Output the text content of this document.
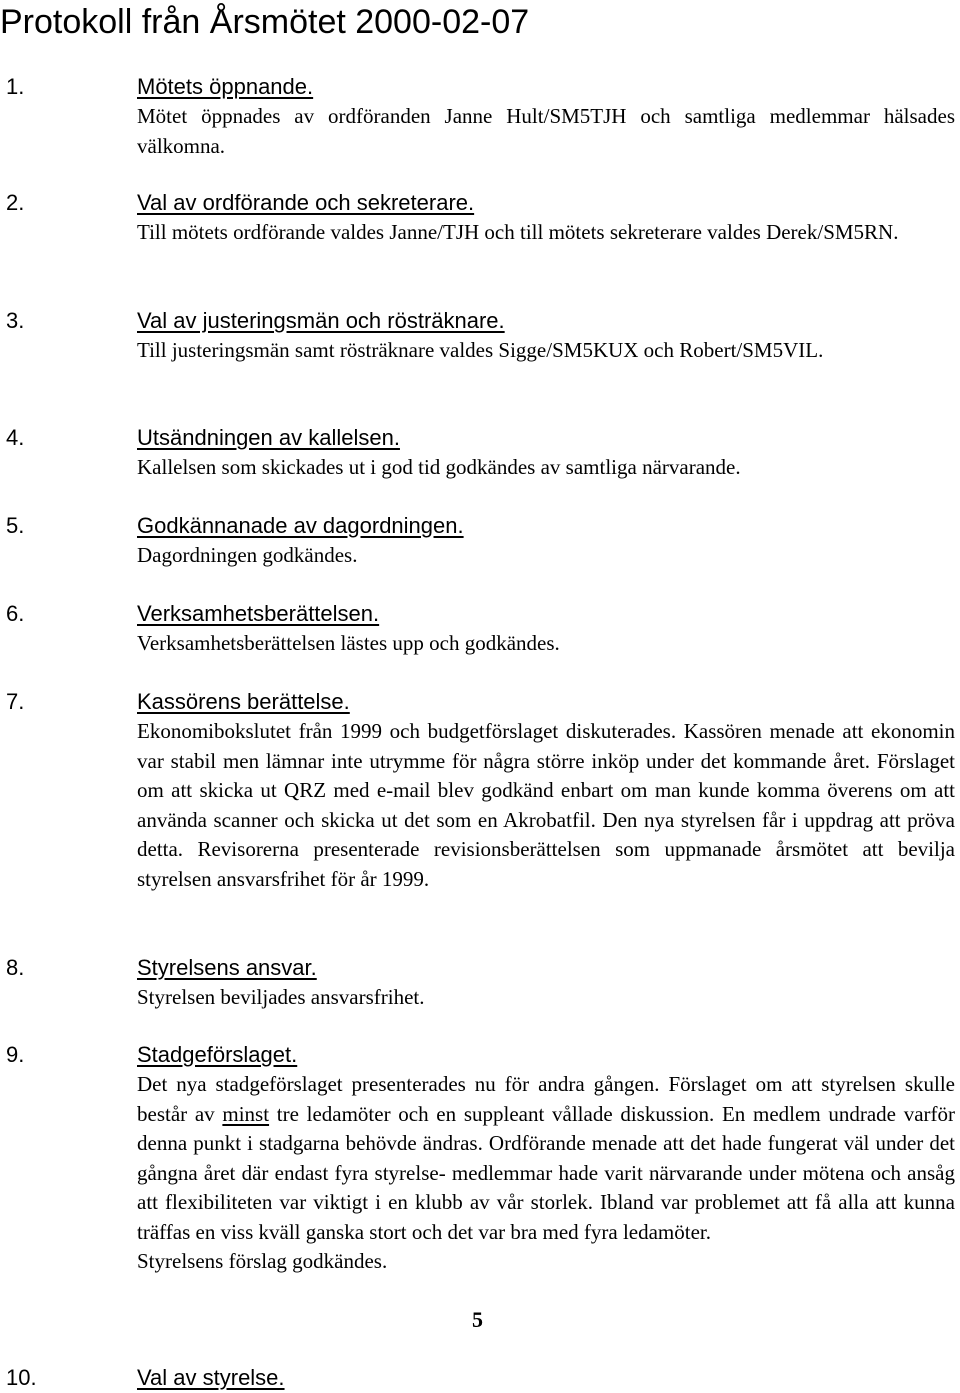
Protokoll från Årsmötet 2000-02-07
1.	Mötets öppnande.

Mötet öppnades av ordföranden Janne Hult/SM5TJH och samtliga medlemmar hälsades välkomna.

2.	Val av ordförande och sekreterare.

Till mötets ordförande valdes Janne/TJH och till mötets sekreterare valdes Derek/SM5RN.

3.	Val av justeringsmän och rösträknare.

Till justeringsmän samt rösträknare valdes Sigge/SM5KUX och Robert/SM5VIL.

4.	Utsändningen av kallelsen.

Kallelsen som skickades ut i god tid godkändes av samtliga närvarande.

5.	Godkännanade av dagordningen.

Dagordningen godkändes.

6.	Verksamhetsberättelsen.

Verksamhetsberättelsen lästes upp och godkändes.

7.	Kassörens berättelse.

Ekonomibokslutet från 1999 och budgetförslaget diskuterades. Kassören menade att ekonomin var stabil men lämnar inte utrymme för några större inköp under det kommande året. Förslaget om att skicka ut QRZ med e-mail blev godkänd enbart om man kunde komma överens om att använda scanner och skicka ut det som en Akrobatfil. Den nya styrelsen får i uppdrag att pröva detta. Revisorerna presenterade revisionsberättelsen som uppmanade årsmötet att bevilja styrelsen ansvarsfrihet för år 1999.

8.	Styrelsens ansvar.

Styrelsen beviljades ansvarsfrihet.

9.	Stadgeförslaget.

Det nya stadgeförslaget presenterades nu för andra gången. Förslaget om att styrelsen skulle består av minst tre ledamöter och en suppleant vållade diskussion. En medlem undrade varför denna punkt i stadgarna behövde ändras. Ordförande menade att det hade fungerat väl under det gångna året där endast fyra styrelse- medlemmar hade varit närvarande under mötena och ansåg att flexibiliteten var viktigt i en klubb av vår storlek. Ibland var problemet att få alla att kunna träffas en viss kväll ganska stort och det var bra med fyra ledamöter.

Styrelsens förslag godkändes.

5
10.	Val av styrelse.
